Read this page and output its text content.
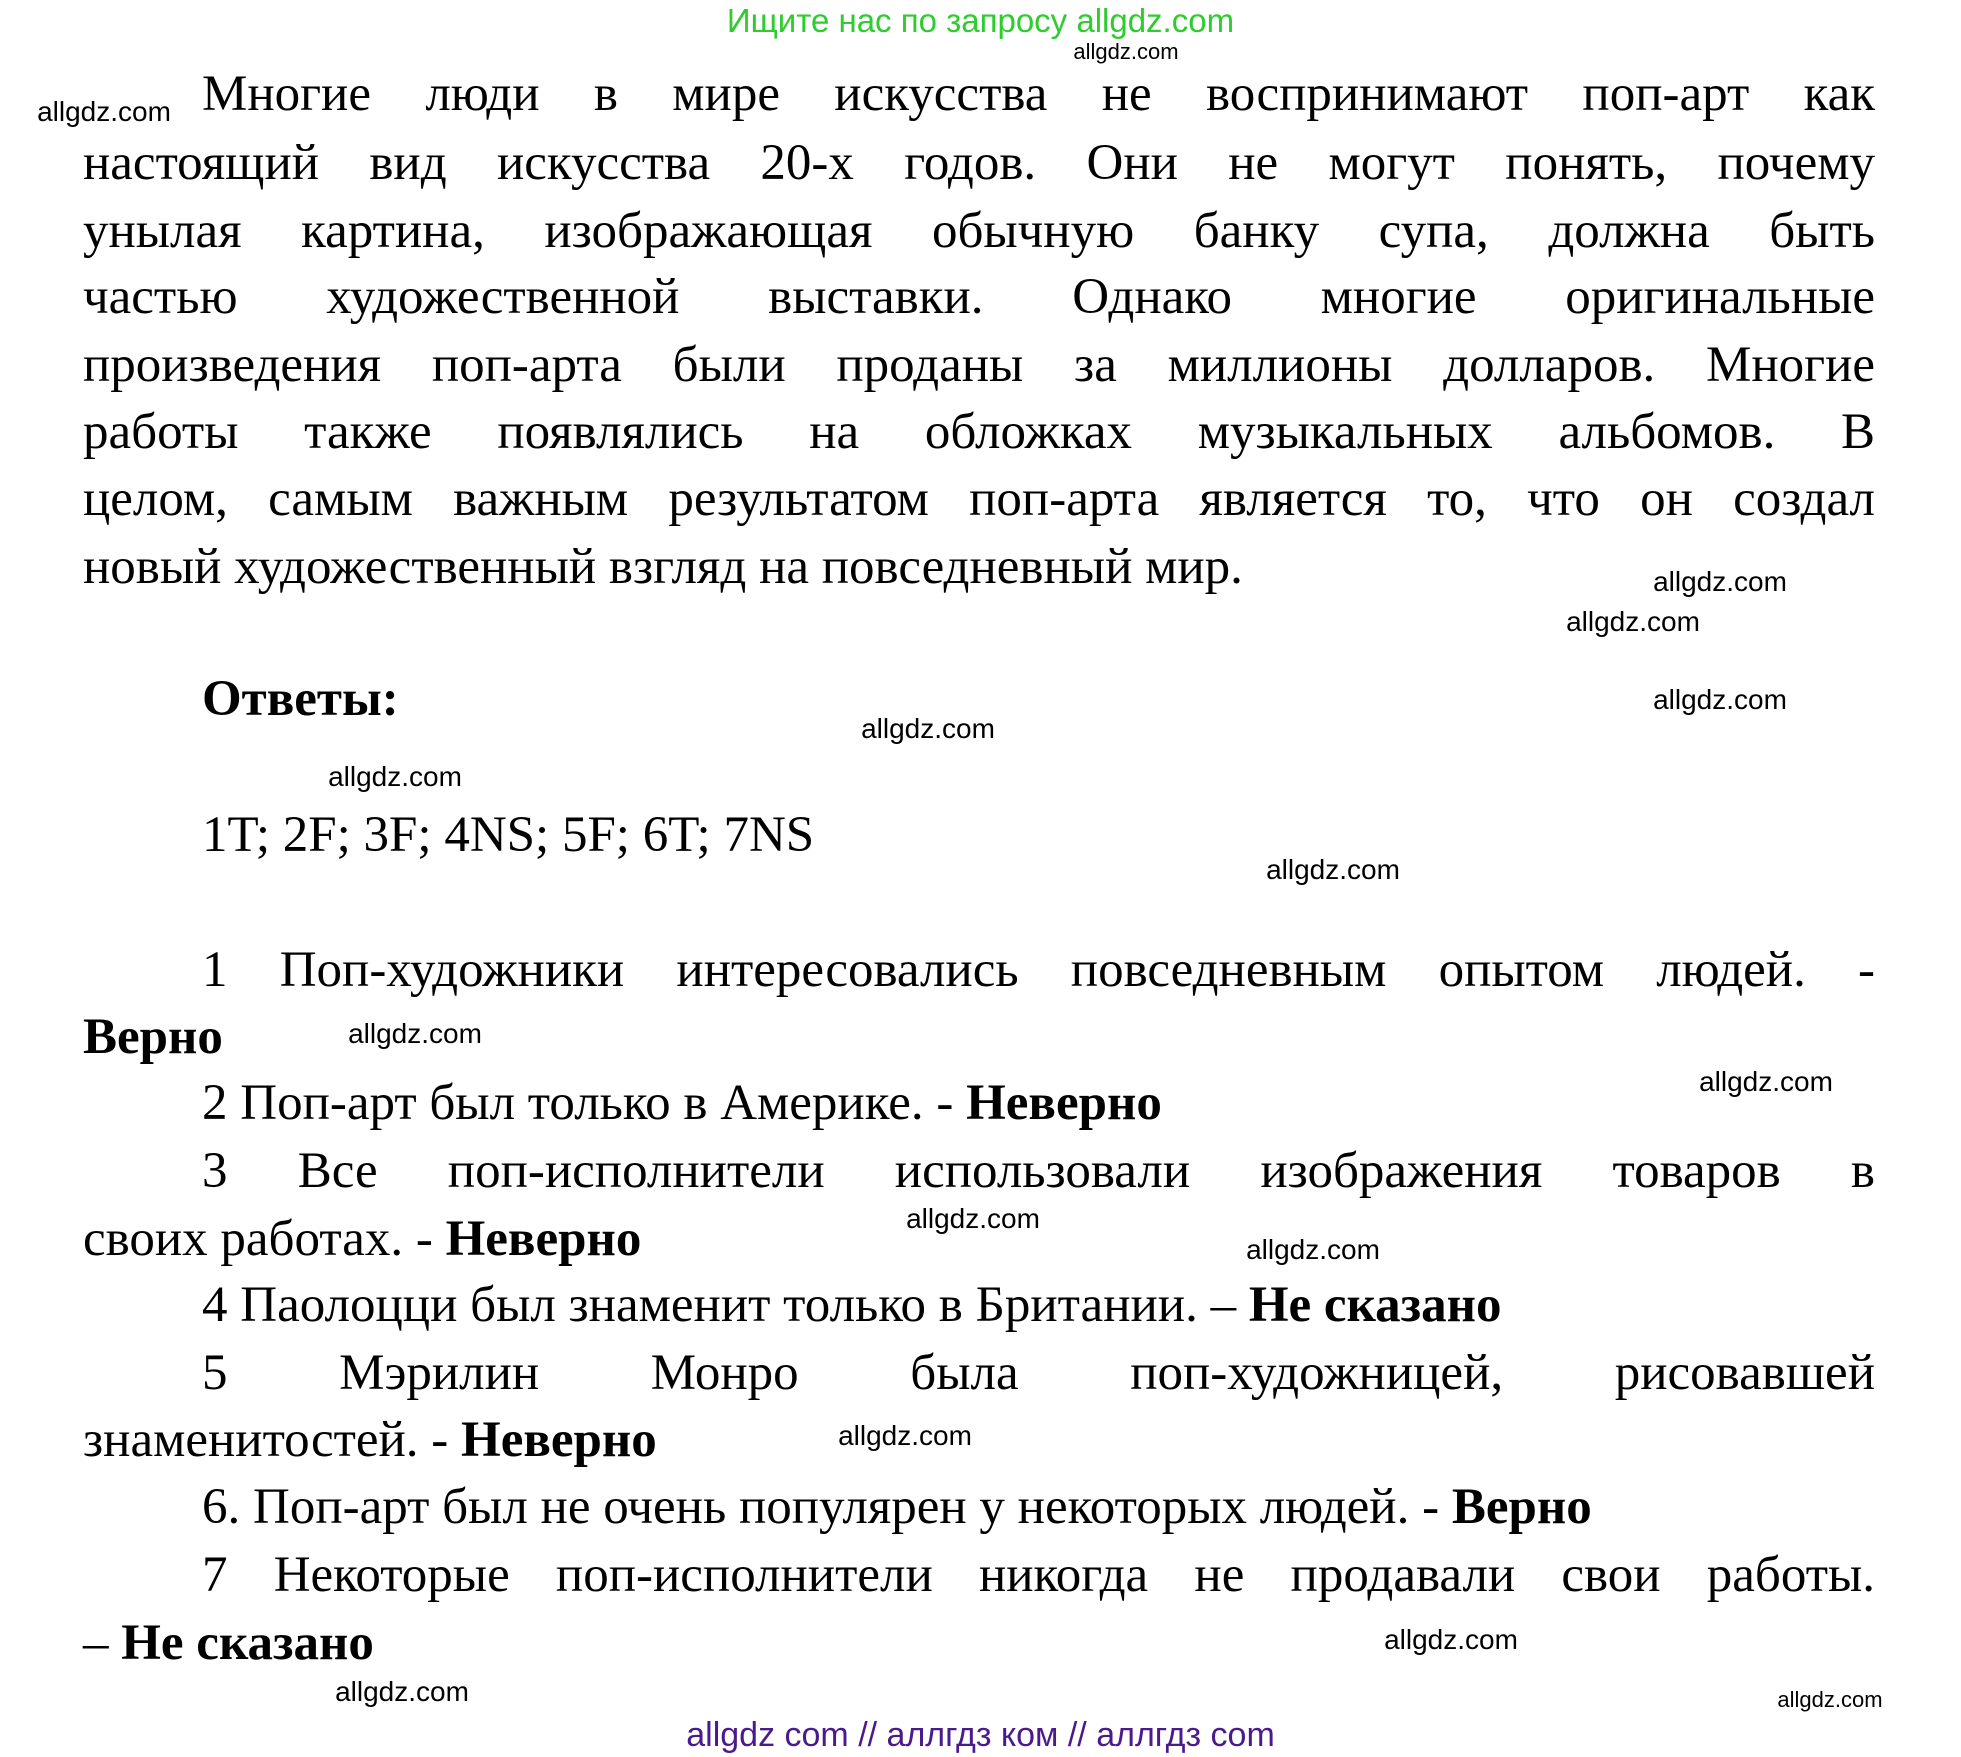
Ищите нас по запросу allgdz.com
Многие люди в мире искусства не воспринимают поп-арт как
настоящий вид искусства 20-х годов. Они не могут понять, почему
унылая картина, изображающая обычную банку супа, должна быть
частью художественной выставки. Однако многие оригинальные
произведения поп-арта были проданы за миллионы долларов. Многие
работы также появлялись на обложках музыкальных альбомов. В
целом, самым важным результатом поп-арта является то, что он создал
новый художественный взгляд на повседневный мир.
Ответы:
1T; 2F; 3F; 4NS; 5F; 6T; 7NS
1 Поп-художники интересовались повседневным опытом людей. -
Верно
2 Поп-арт был только в Америке. - Неверно
3 Все поп-исполнители использовали изображения товаров в
своих работах. - Неверно
4 Паолоцци был знаменит только в Британии. – Не сказано
5 Мэрилин Монро была поп-художницей, рисовавшей
знаменитостей. - Неверно
6. Поп-арт был не очень популярен у некоторых людей. - Верно
7 Некоторые поп-исполнители никогда не продавали свои работы.
– Не сказано
allgdz.com
allgdz.com
allgdz.com
allgdz.com
allgdz.com
allgdz.com
allgdz.com
allgdz.com
allgdz.com
allgdz.com
allgdz.com
allgdz.com
allgdz.com
allgdz.com
allgdz.com
allgdz.com
allgdz com // аллгдз ком // аллгдз com
